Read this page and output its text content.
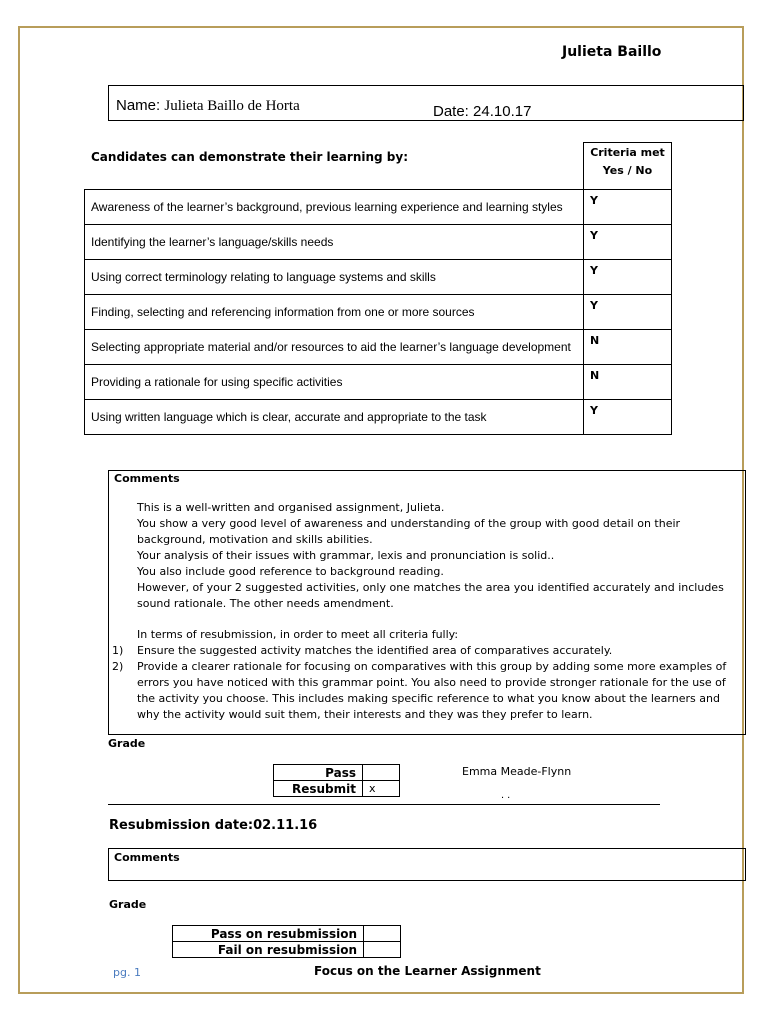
Julieta Baillo
Name: Julieta Baillo de Horta	Date: 24.10.17
Candidates can demonstrate their learning by:

	Criteria met
Yes / No

Awareness of the learner’s background, previous learning experience and learning styles	Y
Identifying the learner’s language/skills needs	Y
Using correct terminology relating to language systems and skills	Y
Finding, selecting and referencing information from one or more sources	Y
Selecting appropriate material and/or resources to aid the learner’s language development	N
Providing a rationale for using specific activities	N
Using written language which is clear, accurate and appropriate to the task	Y
Comments

This is a well-written and organised assignment, Julieta.

You show a very good level of awareness and understanding of the group with good detail on their background, motivation and skills abilities.

Your analysis of their issues with grammar, lexis and pronunciation is solid..

You also include good reference to background reading.

However, of your 2 suggested activities, only one matches the area you identified accurately and includes sound rationale. The other needs amendment.

In terms of resubmission, in order to meet all criteria fully:

1) Ensure the suggested activity matches the identified area of comparatives accurately.

2) Provide a clearer rationale for focusing on comparatives with this group by adding some more examples of errors you have noticed with this grammar point. You also need to provide stronger rationale for the use of the activity you choose. This includes making specific reference to what you know about the learners and why the activity would suit them, their interests and they was they prefer to learn.

Grade
Pass	
Resubmit	x
Emma Meade-Flynn
. .
Resubmission date:02.11.16
Comments
Grade
Pass on resubmission	
Fail on resubmission	
pg. 1	Focus on the Learner Assignment
